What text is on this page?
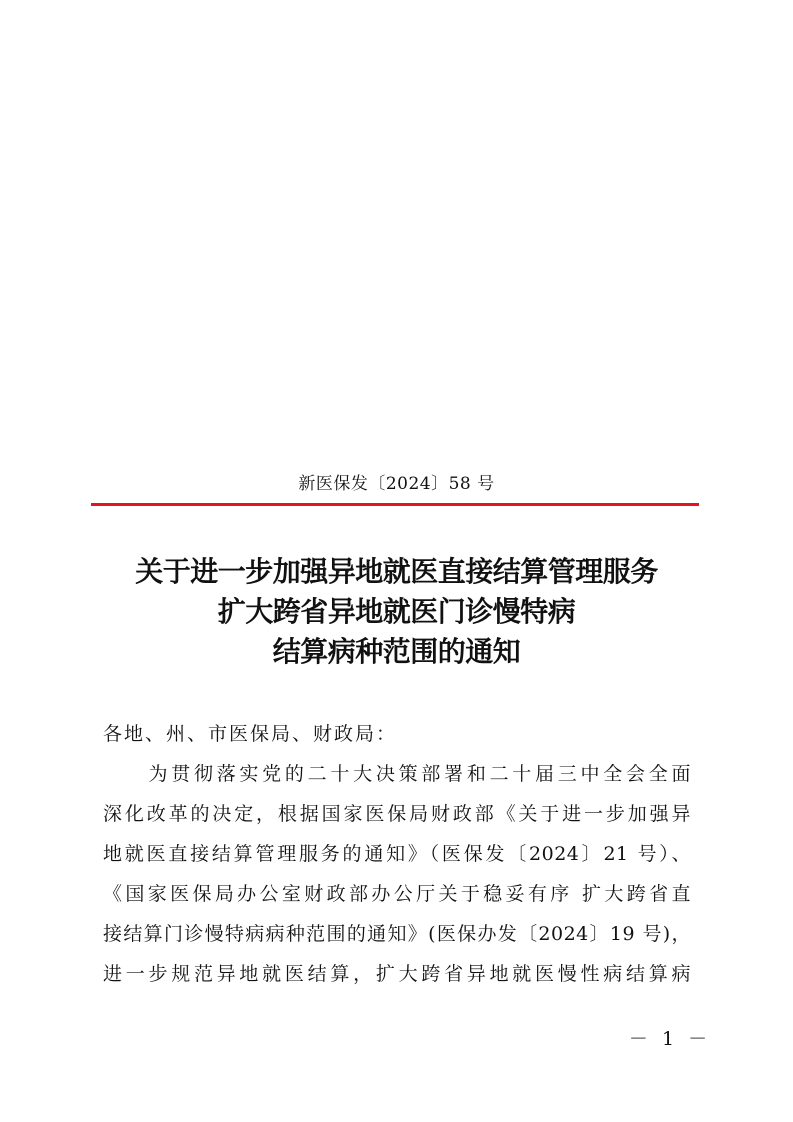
新医保发〔2024〕58 号
关于进一步加强异地就医直接结算管理服务
扩大跨省异地就医门诊慢特病
结算病种范围的通知
各地、州、市医保局、财政局：
　　为贯彻落实党的二十大决策部署和二十届三中全会全面
深化改革的决定，根据国家医保局财政部《关于进一步加强异
地就医直接结算管理服务的通知》（医保发〔2024〕21 号）、
《国家医保局办公室财政部办公厅关于稳妥有序 扩大跨省直
接结算门诊慢特病病种范围的通知》(医保办发〔2024〕19 号)，
进一步规范异地就医结算，扩大跨省异地就医慢性病结算病
－ 1 －
